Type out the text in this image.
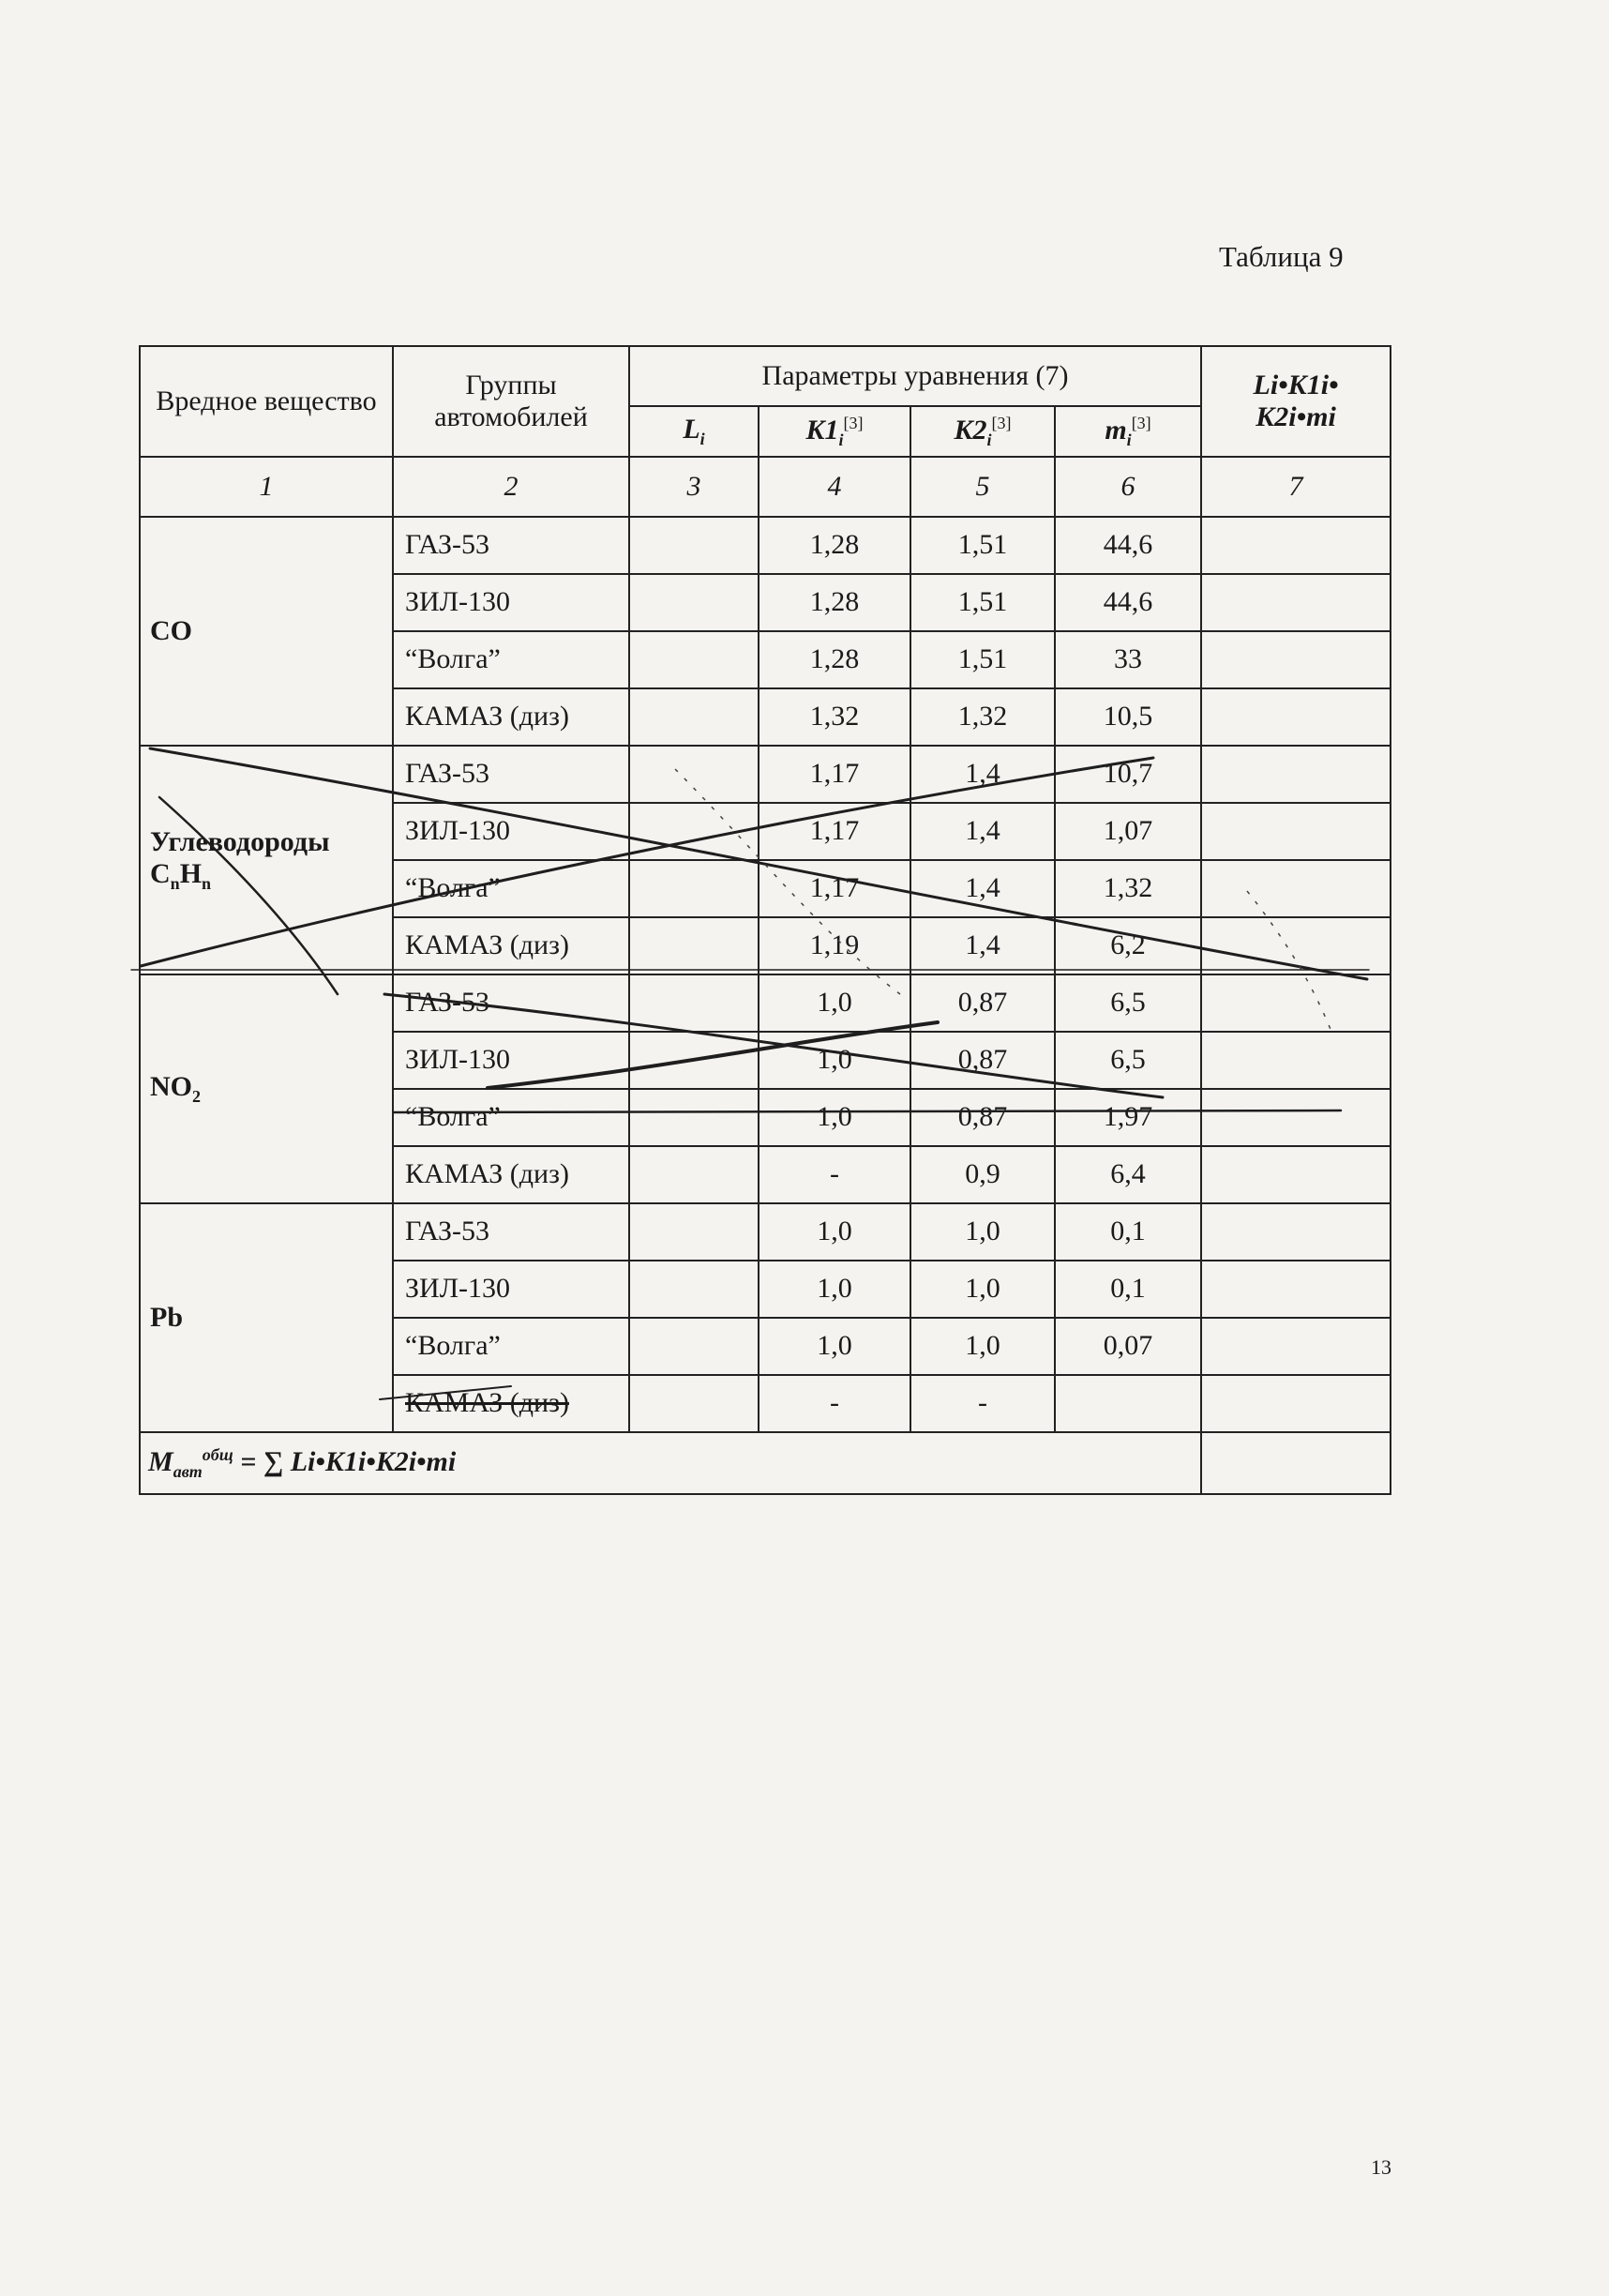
Таблица 9
Вредное вещество	Группы автомобилей	Параметры уравнения (7)				Li•K1i•
K2i•mi
		$L_i$	$K1_i[3]$	$K2_i[3]$	$m_i[3]$
1	2	3	4	5	6	7
CO	ГАЗ-53		1,28	1,51	44,6	
	ЗИЛ-130		1,28	1,51	44,6	
	“Волга”		1,28	1,51	33	
	КАМАЗ (диз)		1,32	1,32	10,5	
Углеводороды
$C_nH_n$	ГАЗ-53		1,17	1,4	10,7	
	ЗИЛ-130		1,17	1,4	1,07	
	“Волга”		1,17	1,4	1,32	
	КАМАЗ (диз)		1,19	1,4	6,2	
$NO_2$	ГАЗ-53		1,0	0,87	6,5	
	ЗИЛ-130		1,0	0,87	6,5	
	“Волга”		1,0	0,87	1,97	
	КАМАЗ (диз)		-	0,9	6,4	
Pb	ГАЗ-53		1,0	1,0	0,1	
	ЗИЛ-130		1,0	1,0	0,1	
	“Волга”		1,0	1,0	0,07	
	КАМАЗ (диз)		-	-		
$M_{авт}^{общ}$ = ∑ Li•K1i•K2i•mi						
13
